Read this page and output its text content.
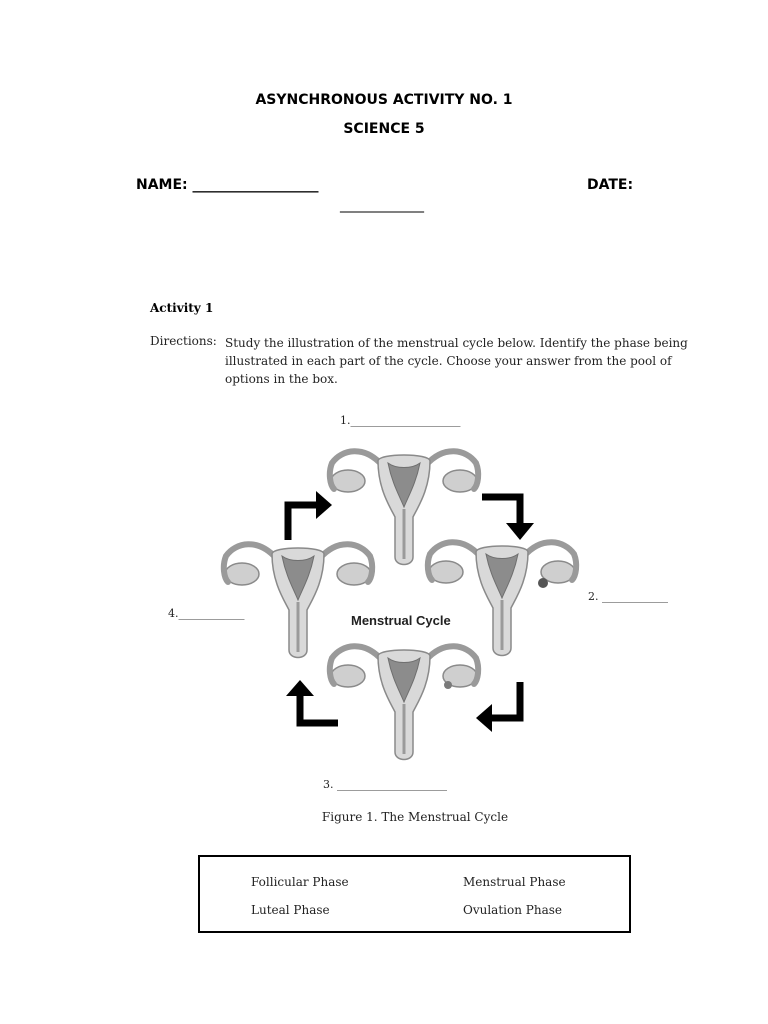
ASYNCHRONOUS ACTIVITY NO. 1
SCIENCE 5
NAME: __________________	DATE:
____________
Activity 1
Directions: Study the illustration of the menstrual cycle below. Identify the phase being illustrated in each part of the cycle. Choose your answer from the pool of options in the box.
1.____________________
2. ____________
3. ____________________
4.____________	Menstrual Cycle
Figure 1. The Menstrual Cycle
Follicular Phase	Menstrual Phase
Luteal Phase	Ovulation Phase
